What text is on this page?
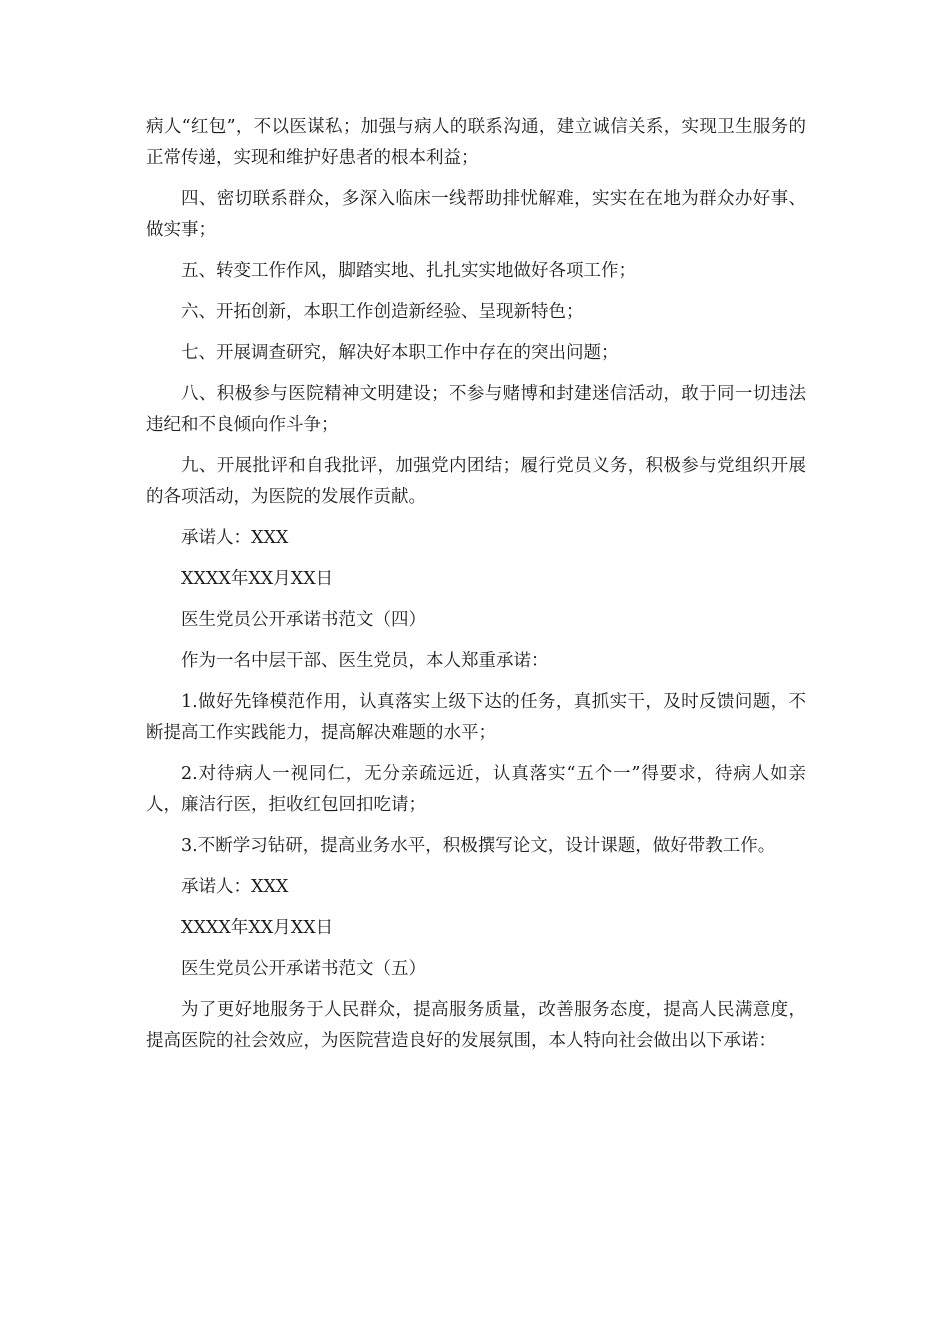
病人“红包”，不以医谋私；加强与病人的联系沟通，建立诚信关系，实现卫生服务的正常传递，实现和维护好患者的根本利益；

四、密切联系群众，多深入临床一线帮助排忧解难，实实在在地为群众办好事、做实事；

五、转变工作作风，脚踏实地、扎扎实实地做好各项工作；

六、开拓创新，本职工作创造新经验、呈现新特色；

七、开展调查研究，解决好本职工作中存在的突出问题；

八、积极参与医院精神文明建设；不参与赌博和封建迷信活动，敢于同一切违法违纪和不良倾向作斗争；

九、开展批评和自我批评，加强党内团结；履行党员义务，积极参与党组织开展的各项活动，为医院的发展作贡献。

承诺人：XXX

XXXX年XX月XX日

医生党员公开承诺书范文（四）

作为一名中层干部、医生党员，本人郑重承诺：

1.做好先锋模范作用，认真落实上级下达的任务，真抓实干，及时反馈问题，不断提高工作实践能力，提高解决难题的水平；

2.对待病人一视同仁，无分亲疏远近，认真落实“五个一”得要求，待病人如亲人，廉洁行医，拒收红包回扣吃请；

3.不断学习钻研，提高业务水平，积极撰写论文，设计课题，做好带教工作。

承诺人：XXX

XXXX年XX月XX日

医生党员公开承诺书范文（五）

为了更好地服务于人民群众，提高服务质量，改善服务态度，提高人民满意度，提高医院的社会效应，为医院营造良好的发展氛围，本人特向社会做出以下承诺：
